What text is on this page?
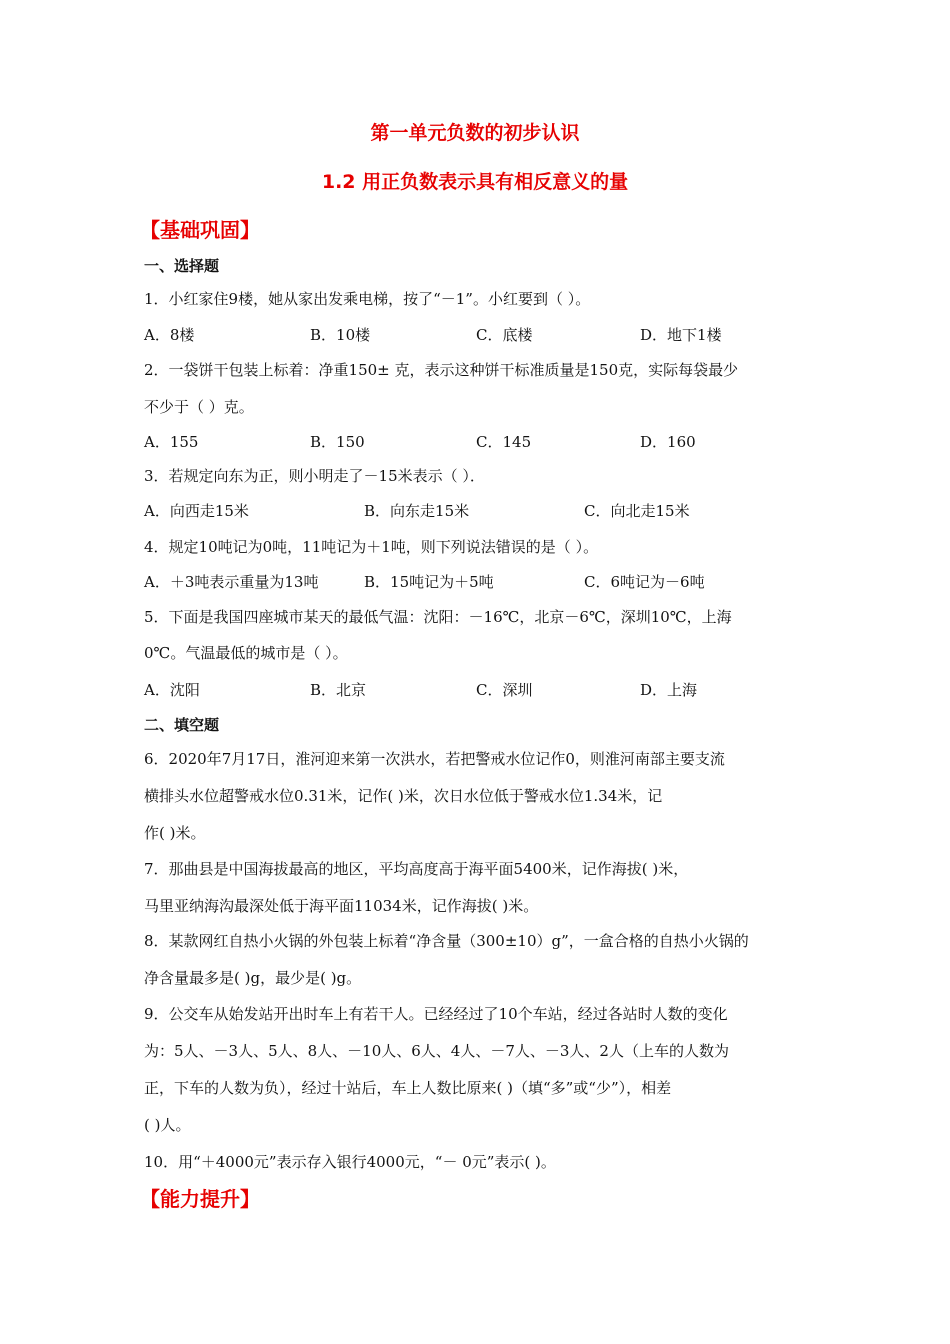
第一单元负数的初步认识
1.2 用正负数表示具有相反意义的量
【基础巩固】
一、选择题
1．小红家住9楼，她从家出发乘电梯，按了“－1”。小红要到（ ）。
A．8楼	B．10楼	C．底楼	D．地下1楼
2．一袋饼干包装上标着：净重150± 克，表示这种饼干标准质量是150克，实际每袋最少
不少于（ ）克。
A．155	B．150	C．145	D．160
3．若规定向东为正，则小明走了－15米表示（ ）．
A．向西走15米	B．向东走15米	C．向北走15米
4．规定10吨记为0吨，11吨记为＋1吨，则下列说法错误的是（ ）。
A．＋3吨表示重量为13吨	B．15吨记为＋5吨	C．6吨记为－6吨
5．下面是我国四座城市某天的最低气温：沈阳：－16℃，北京－6℃，深圳10℃，上海
0℃。气温最低的城市是（ ）。
A．沈阳	B．北京	C．深圳	D．上海
二、填空题
6．2020年7月17日，淮河迎来第一次洪水，若把警戒水位记作0，则淮河南部主要支流
横排头水位超警戒水位0.31米，记作( )米，次日水位低于警戒水位1.34米，记
作( )米。
7．那曲县是中国海拔最高的地区，平均高度高于海平面5400米，记作海拔( )米，
马里亚纳海沟最深处低于海平面11034米，记作海拔( )米。
8．某款网红自热小火锅的外包装上标着“净含量（300±10）g”，一盒合格的自热小火锅的
净含量最多是( )g，最少是( )g。
9．公交车从始发站开出时车上有若干人。已经经过了10个车站，经过各站时人数的变化
为：5人、－3人、5人、8人、－10人、6人、4人、－7人、－3人、2人（上车的人数为
正，下车的人数为负），经过十站后，车上人数比原来( )（填“多”或“少”），相差
( )人。
10．用“＋4000元”表示存入银行4000元，“－ 0元”表示( )。
【能力提升】
